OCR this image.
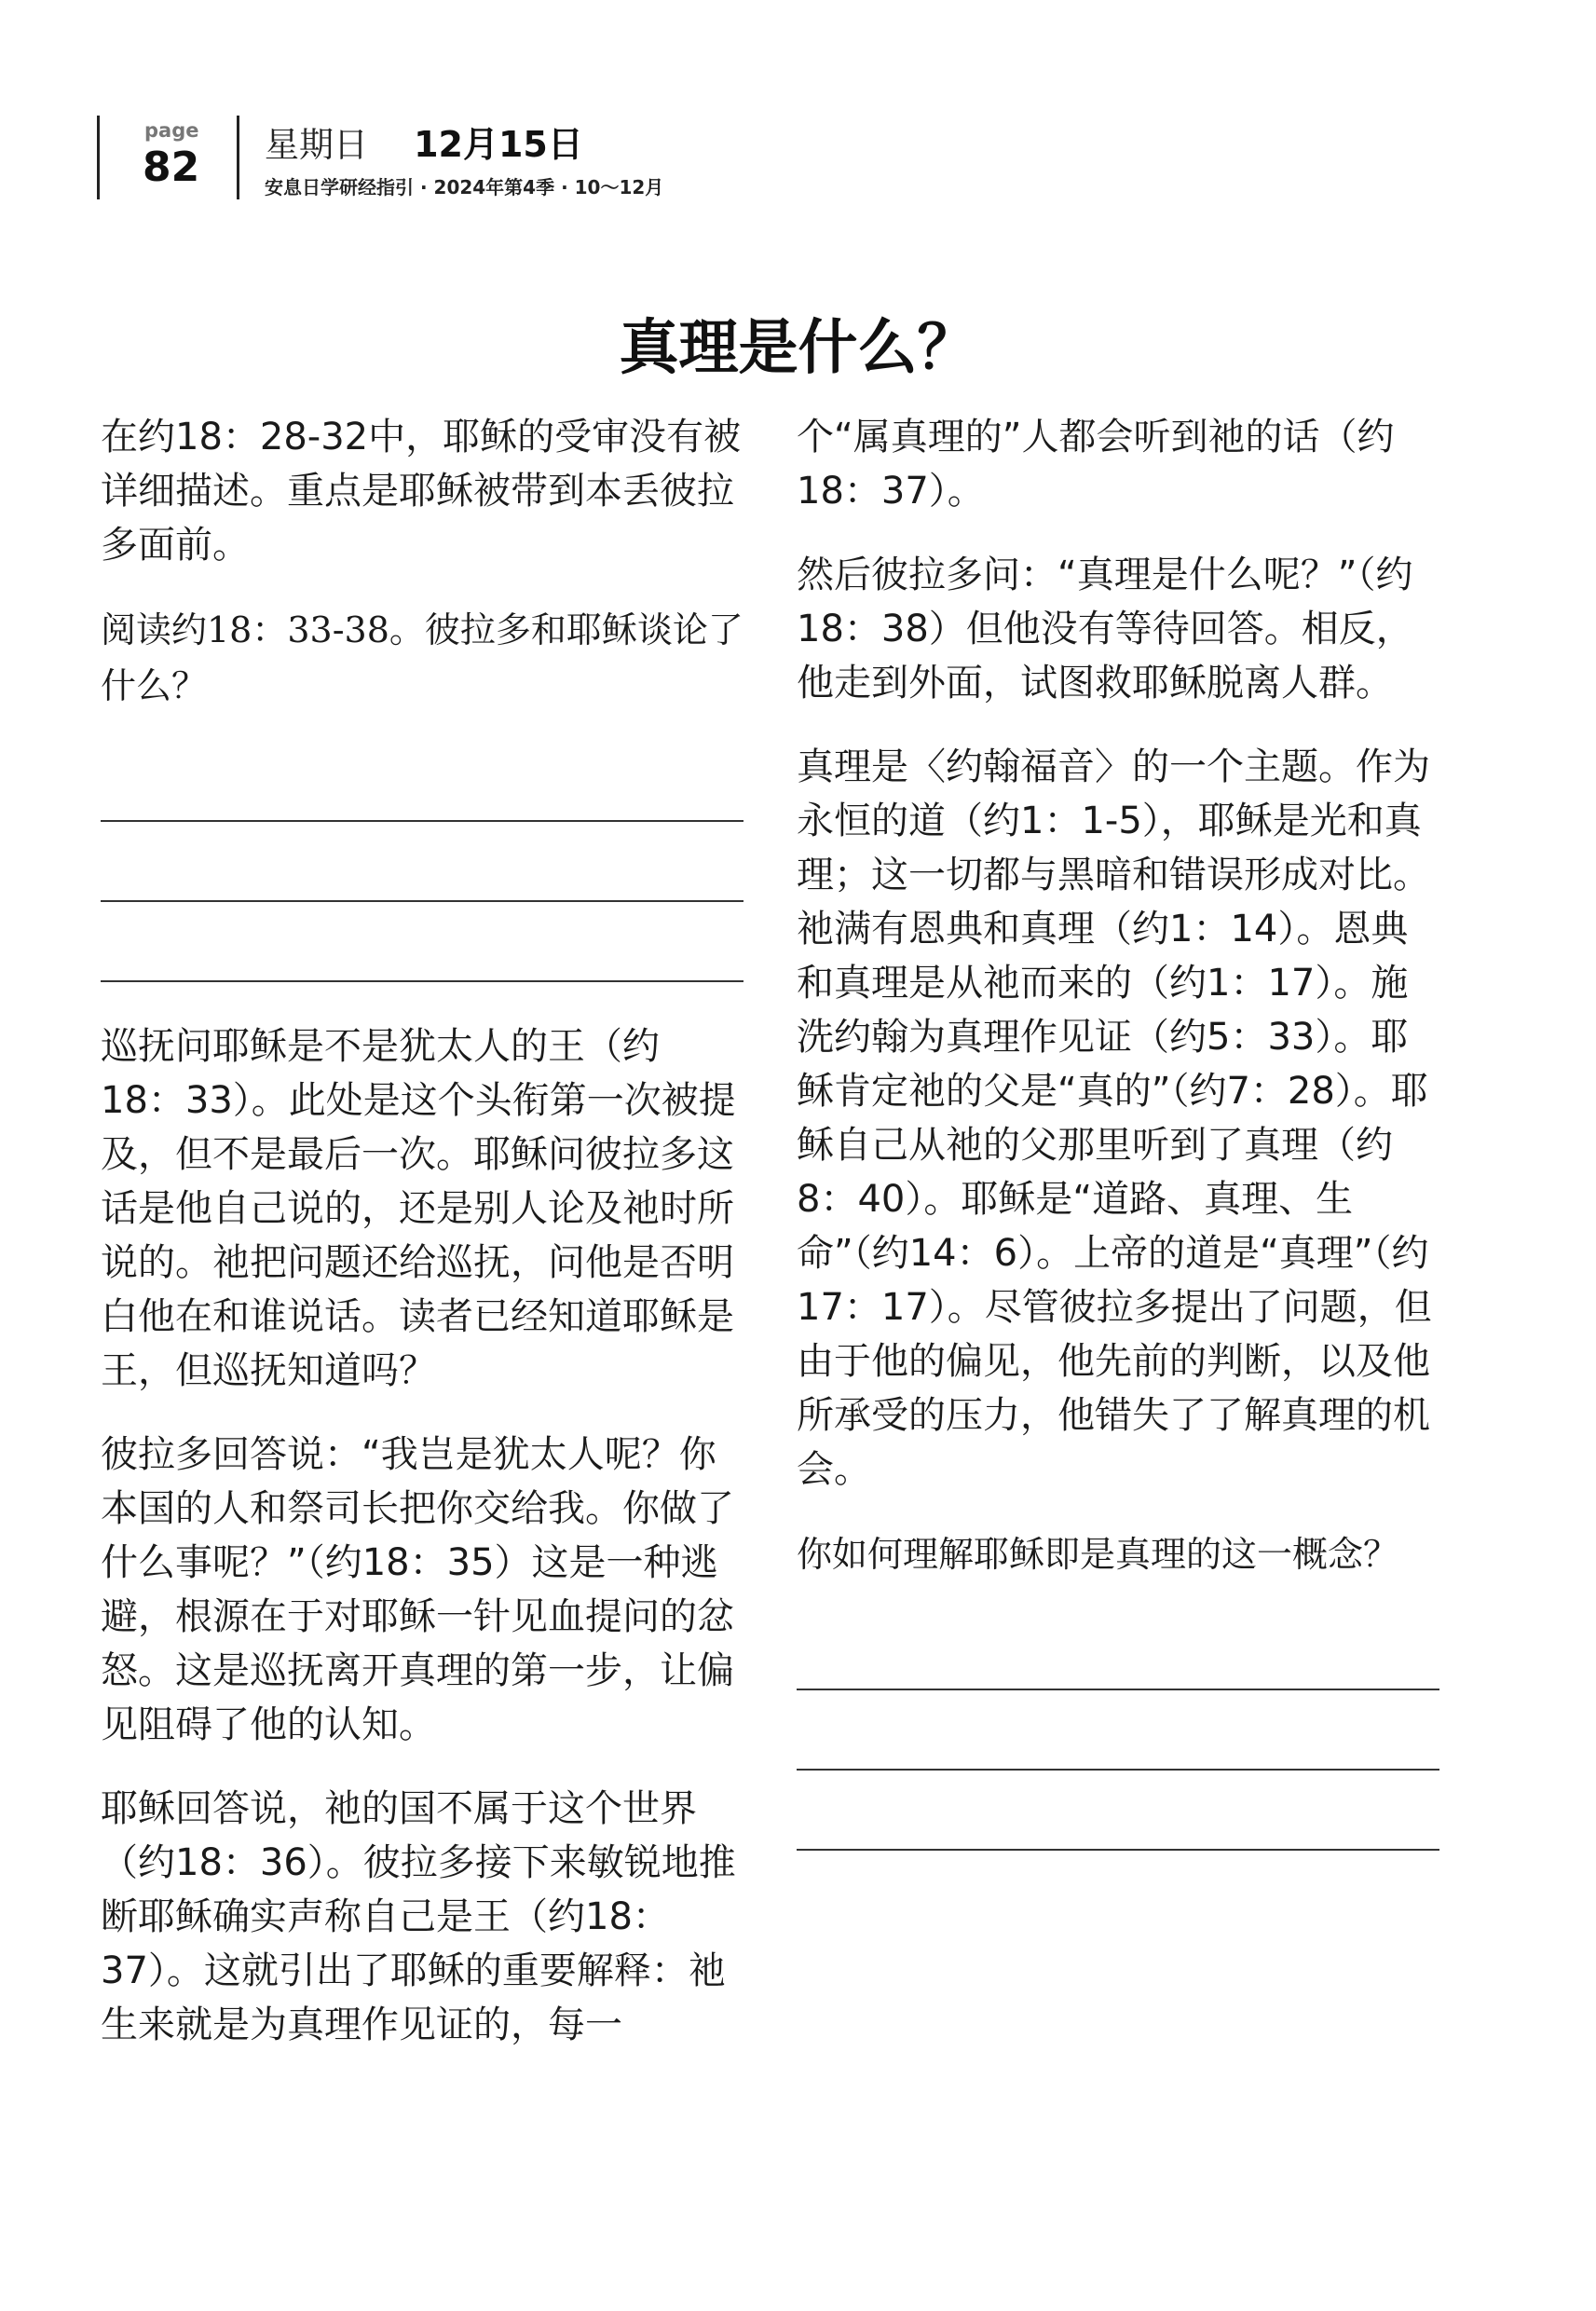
page
82 星期日 12月15日
安息日学研经指引 · 2024年第4季 · 10～12月
真理是什么？

在约18：28-32中，耶稣的受审没有被详细描述。重点是耶稣被带到本丢彼拉多面前。

阅读约18：33-38。彼拉多和耶稣谈论了什么？

巡抚问耶稣是不是犹太人的王（约18：33）。此处是这个头衔第一次被提及，但不是最后一次。耶稣问彼拉多这话是他自己说的，还是别人论及祂时所说的。祂把问题还给巡抚，问他是否明白他在和谁说话。读者已经知道耶稣是王，但巡抚知道吗？

彼拉多回答说：“我岂是犹太人呢？你本国的人和祭司长把你交给我。你做了什么事呢？”（约18：35）这是一种逃避，根源在于对耶稣一针见血提问的忿怒。这是巡抚离开真理的第一步，让偏见阻碍了他的认知。

耶稣回答说，祂的国不属于这个世界（约18：36）。彼拉多接下来敏锐地推断耶稣确实声称自己是王（约18：37）。这就引出了耶稣的重要解释：祂生来就是为真理作见证的，每一

个“属真理的”人都会听到祂的话（约18：37）。

然后彼拉多问：“真理是什么呢？”（约18：38）但他没有等待回答。相反，他走到外面，试图救耶稣脱离人群。

真理是〈约翰福音〉的一个主题。作为永恒的道（约1：1-5），耶稣是光和真理；这一切都与黑暗和错误形成对比。祂满有恩典和真理（约1：14）。恩典和真理是从祂而来的（约1：17）。施洗约翰为真理作见证（约5：33）。耶稣肯定祂的父是“真的”（约7：28）。耶稣自己从祂的父那里听到了真理（约8：40）。耶稣是“道路、真理、生命”（约14：6）。上帝的道是“真理”（约17：17）。尽管彼拉多提出了问题，但由于他的偏见，他先前的判断，以及他所承受的压力，他错失了了解真理的机会。

你如何理解耶稣即是真理的这一概念？
